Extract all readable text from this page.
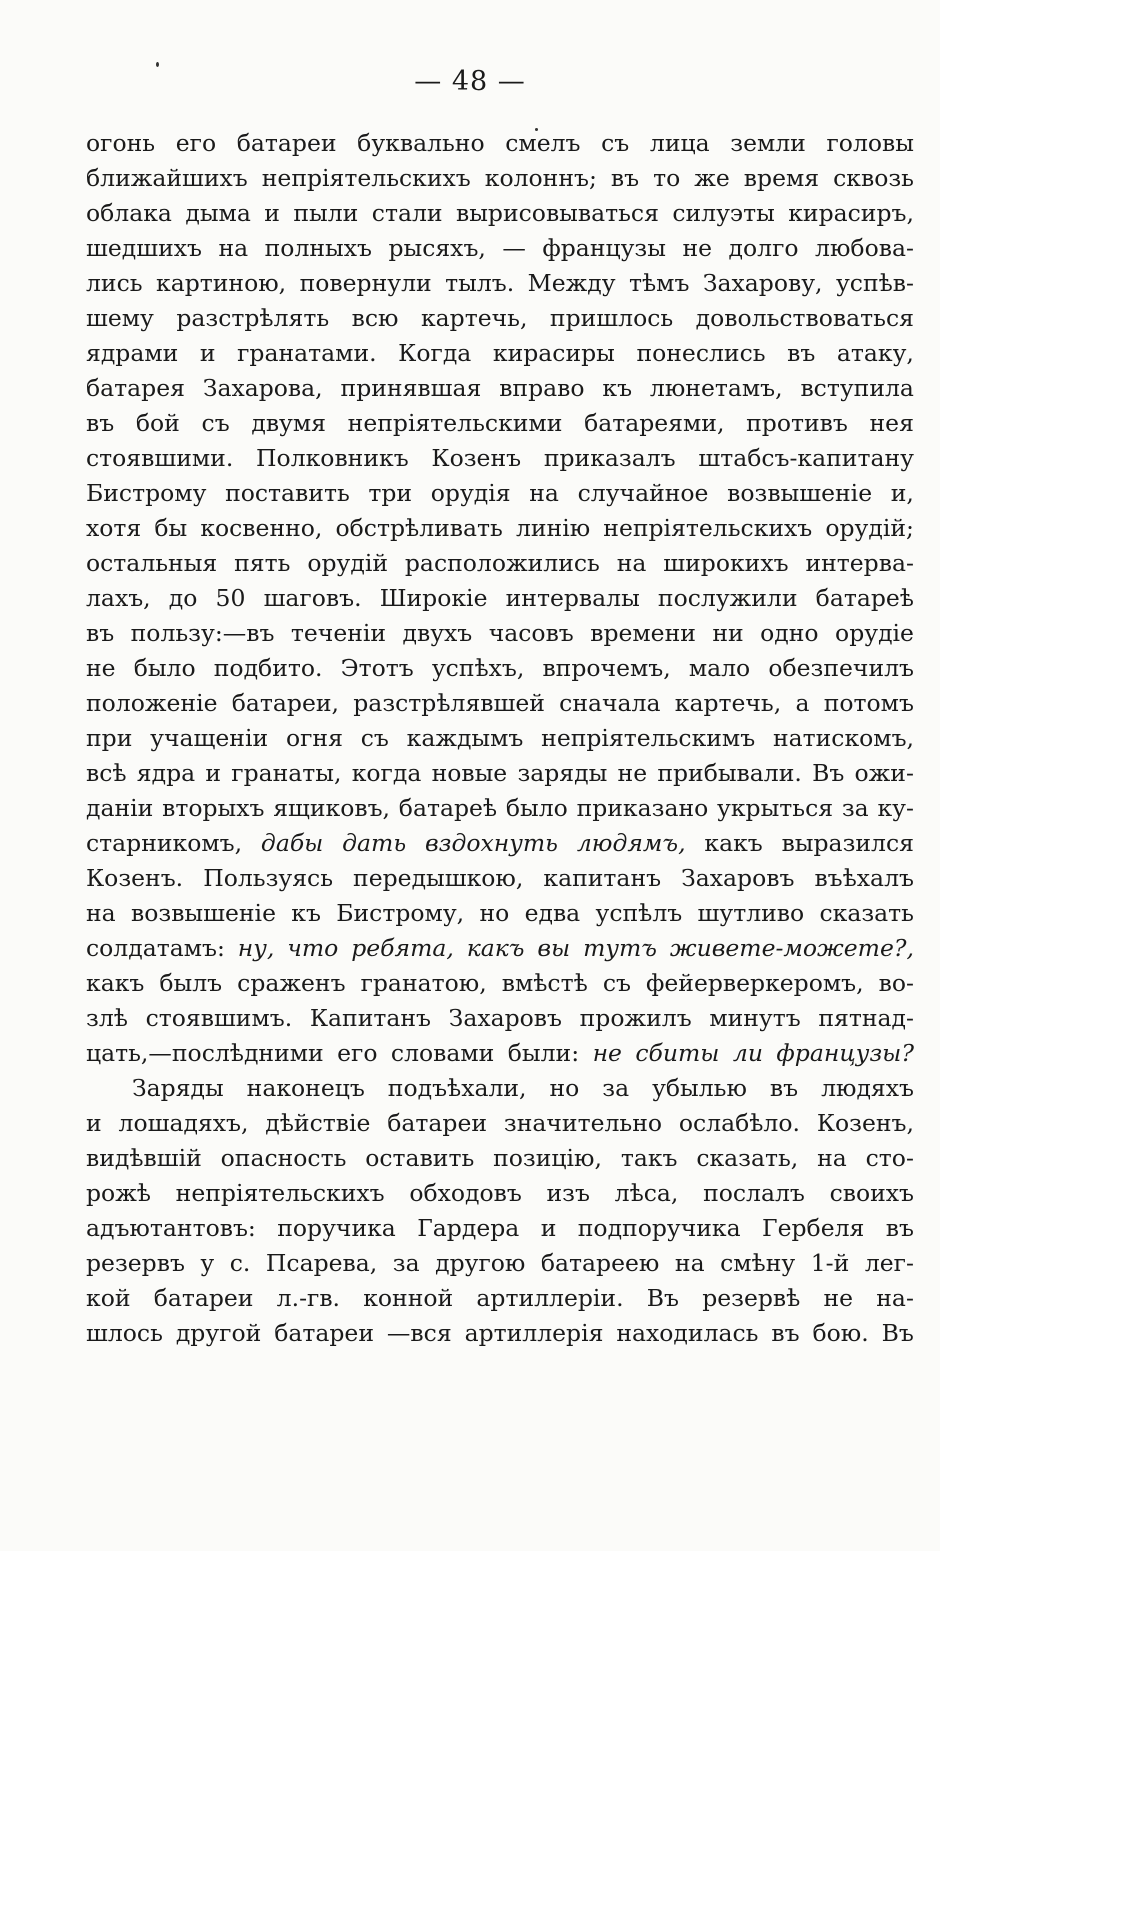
— 48 —
огонь его батареи буквально смелъ съ лица земли головы
ближайшихъ непріятельскихъ колоннъ; въ то же время сквозь
облака дыма и пыли стали вырисовываться силуэты кирасиръ,
шедшихъ на полныхъ рысяхъ, — французы не долго любова-
лись картиною, повернули тылъ. Между тѣмъ Захарову, успѣв-
шему разстрѣлять всю картечь, пришлось довольствоваться
ядрами и гранатами. Когда кирасиры понеслись въ атаку,
батарея Захарова, принявшая вправо къ люнетамъ, вступила
въ бой съ двумя непріятельскими батареями, противъ нея
стоявшими. Полковникъ Козенъ приказалъ штабсъ-капитану
Бистрому поставить три орудія на случайное возвышеніе и,
хотя бы косвенно, обстрѣливать линію непріятельскихъ орудій;
остальныя пять орудій расположились на широкихъ интерва-
лахъ, до 50 шаговъ. Широкіе интервалы послужили батареѣ
въ пользу:—въ теченіи двухъ часовъ времени ни одно орудіе
не было подбито. Этотъ успѣхъ, впрочемъ, мало обезпечилъ
положеніе батареи, разстрѣлявшей сначала картечь, а потомъ
при учащеніи огня съ каждымъ непріятельскимъ натискомъ,
всѣ ядра и гранаты, когда новые заряды не прибывали. Въ ожи-
даніи вторыхъ ящиковъ, батареѣ было приказано укрыться за ку-
старникомъ, дабы дать вздохнуть людямъ, какъ выразился
Козенъ. Пользуясь передышкою, капитанъ Захаровъ въѣхалъ
на возвышеніе къ Бистрому, но едва успѣлъ шутливо сказать
солдатамъ: ну, что ребята, какъ вы тутъ живете-можете?,
какъ былъ сраженъ гранатою, вмѣстѣ съ фейерверкеромъ, во-
злѣ стоявшимъ. Капитанъ Захаровъ прожилъ минутъ пятнад-
цать,—послѣдними его словами были: не сбиты ли французы?
Заряды наконецъ подъѣхали, но за убылью въ людяхъ
и лошадяхъ, дѣйствіе батареи значительно ослабѣло. Козенъ,
видѣвшій опасность оставить позицію, такъ сказать, на сто-
рожѣ непріятельскихъ обходовъ изъ лѣса, послалъ своихъ
адъютантовъ: поручика Гардера и подпоручика Гербеля въ
резервъ у с. Псарева, за другою батареею на смѣну 1-й лег-
кой батареи л.-гв. конной артиллеріи. Въ резервѣ не на-
шлось другой батареи —вся артиллерія находилась въ бою. Въ
